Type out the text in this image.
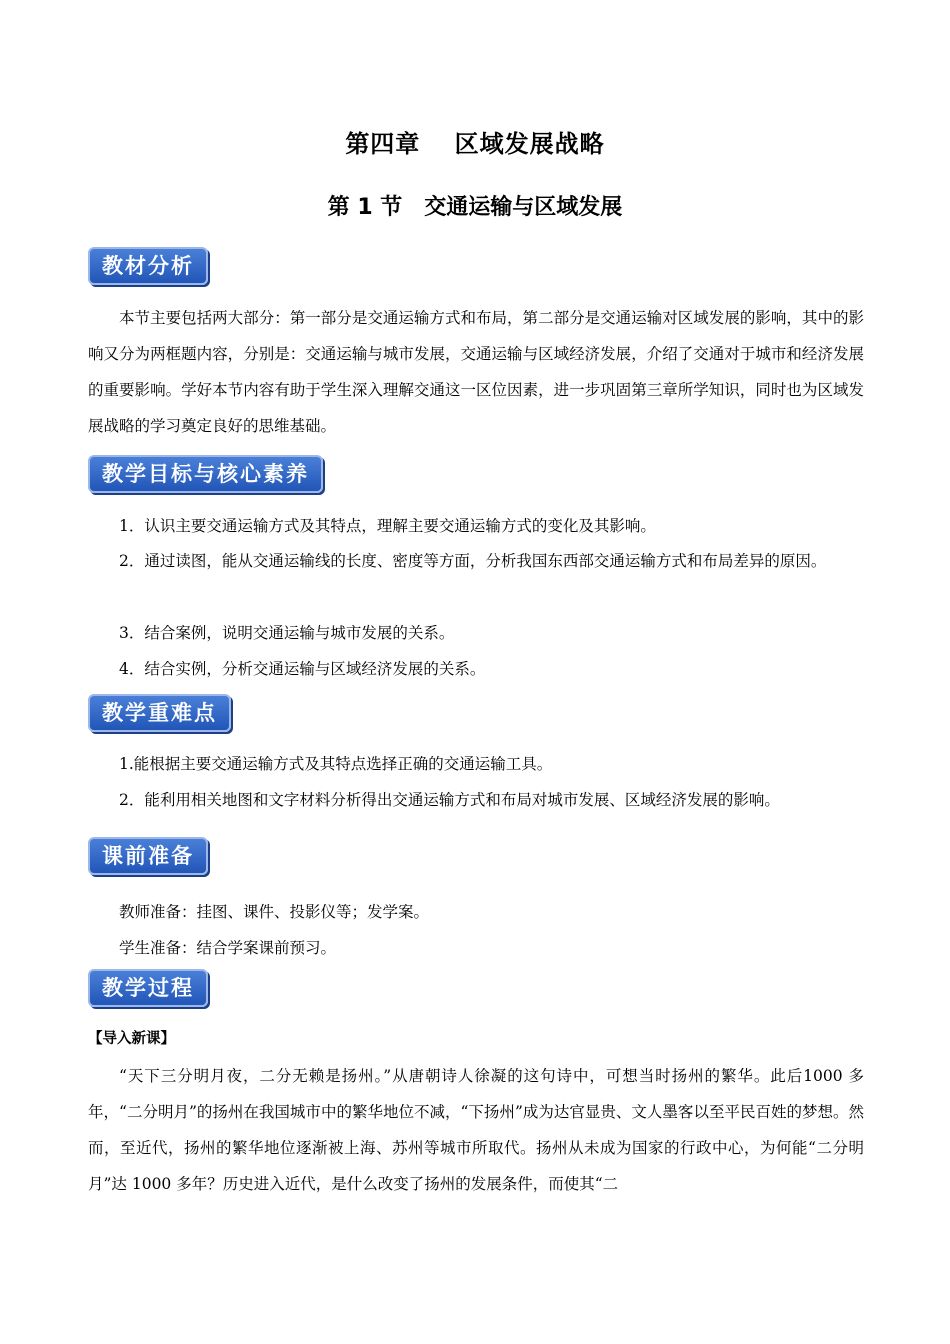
第四章　 区域发展战略
第 1 节　交通运输与区域发展
教材分析
本节主要包括两大部分：第一部分是交通运输方式和布局，第二部分是交通运输对区域发展的影响，其中的影响又分为两框题内容，分别是：交通运输与城市发展，交通运输与区域经济发展，介绍了交通对于城市和经济发展的重要影响。学好本节内容有助于学生深入理解交通这一区位因素，进一步巩固第三章所学知识，同时也为区域发展战略的学习奠定良好的思维基础。
教学目标与核心素养
1．认识主要交通运输方式及其特点，理解主要交通运输方式的变化及其影响。
2．通过读图，能从交通运输线的长度、密度等方面，分析我国东西部交通运输方式和布局差异的原因。
3．结合案例，说明交通运输与城市发展的关系。
4．结合实例，分析交通运输与区域经济发展的关系。
教学重难点
1.能根据主要交通运输方式及其特点选择正确的交通运输工具。
2．能利用相关地图和文字材料分析得出交通运输方式和布局对城市发展、区域经济发展的影响。
课前准备
教师准备：挂图、课件、投影仪等；发学案。
学生准备：结合学案课前预习。
教学过程
【导入新课】
“天下三分明月夜，二分无赖是扬州。”从唐朝诗人徐凝的这句诗中，可想当时扬州的繁华。此后1000 多年，“二分明月”的扬州在我国城市中的繁华地位不减，“下扬州”成为达官显贵、文人墨客以至平民百姓的梦想。然而，至近代，扬州的繁华地位逐渐被上海、苏州等城市所取代。扬州从未成为国家的行政中心，为何能“二分明月”达 1000 多年？历史进入近代，是什么改变了扬州的发展条件，而使其“二
